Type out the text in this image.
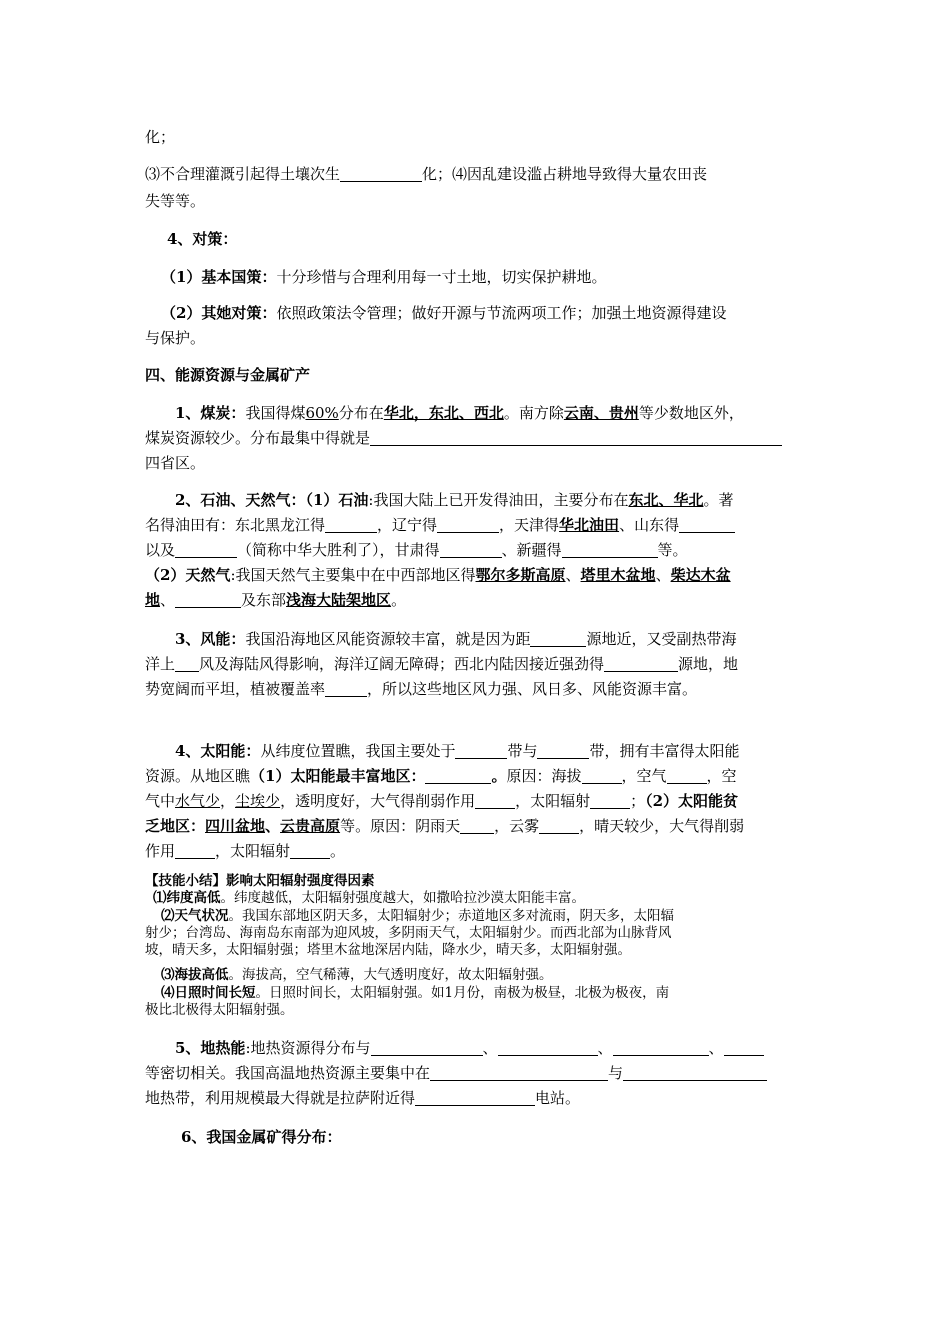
化；
⑶不合理灌溉引起得土壤次生	化；⑷因乱建设滥占耕地导致得大量农田丧
失等等。
4、对策：
（1）基本国策：十分珍惜与合理利用每一寸土地，切实保护耕地。
（2）其她对策：依照政策法令管理；做好开源与节流两项工作；加强土地资源得建设
与保护。
四、能源资源与金属矿产
1、煤炭：我国得煤60%分布在华北，东北、西北。南方除云南、贵州等少数地区外，
煤炭资源较少。分布最集中得就是
四省区。
2、石油、天然气：（1）石油:我国大陆上已开发得油田，主要分布在东北、华北。著
名得油田有：东北黑龙江得	，辽宁得	，天津得华北油田、山东得
以及	（简称中华大胜利了），甘肃得	、新疆得	等。
（2）天然气:我国天然气主要集中在中西部地区得鄂尔多斯高原、塔里木盆地、柴达木盆
地、	及东部浅海大陆架地区。
3、风能：我国沿海地区风能资源较丰富，就是因为距	源地近，又受副热带海
洋上 风及海陆风得影响，海洋辽阔无障碍；西北内陆因接近强劲得	源地，地
势宽阔而平坦，植被覆盖率	，所以这些地区风力强、风日多、风能资源丰富。
4、太阳能：从纬度位置瞧，我国主要处于	带与	带，拥有丰富得太阳能
资源。从地区瞧（1）太阳能最丰富地区：	。原因：海拔	，空气	，空
气中水气少，尘埃少，透明度好，大气得削弱作用	，太阳辐射	；（2）太阳能贫
乏地区：四川盆地、云贵高原等。原因：阴雨天 ，云雾	，晴天较少，大气得削弱
作用	，太阳辐射	。
【技能小结】影响太阳辐射强度得因素
⑴纬度高低。纬度越低，太阳辐射强度越大，如撒哈拉沙漠太阳能丰富。
⑵天气状况。我国东部地区阴天多，太阳辐射少；赤道地区多对流雨，阴天多，太阳辐
射少；台湾岛、海南岛东南部为迎风坡，多阴雨天气，太阳辐射少。而西北部为山脉背风
坡，晴天多，太阳辐射强；塔里木盆地深居内陆，降水少，晴天多，太阳辐射强。
⑶海拔高低。海拔高，空气稀薄，大气透明度好，故太阳辐射强。
⑷日照时间长短。日照时间长，太阳辐射强。如1月份，南极为极昼，北极为极夜，南
极比北极得太阳辐射强。
5、地热能:地热资源得分布与	、	、	、
等密切相关。我国高温地热资源主要集中在	与
地热带，利用规模最大得就是拉萨附近得	电站。
6、我国金属矿得分布：
